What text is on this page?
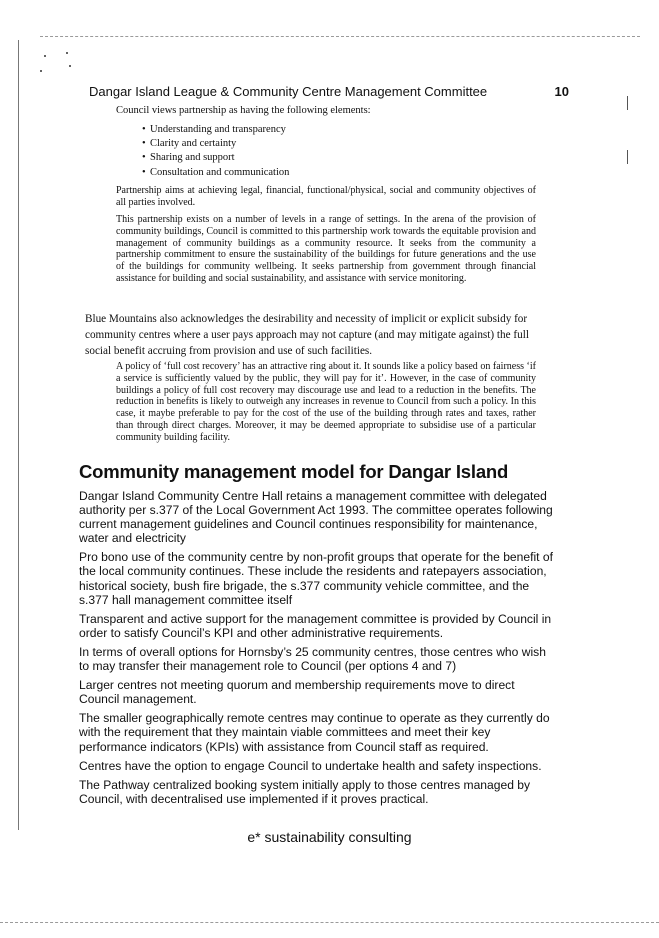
Dangar Island League & Community Centre Management Committee	10
Council views partnership as having the following elements:
• Understanding and transparency
• Clarity and certainty
• Sharing and support
• Consultation and communication
Partnership aims at achieving legal, financial, functional/physical, social and community objectives of all parties involved.
This partnership exists on a number of levels in a range of settings. In the arena of the provision of community buildings, Council is committed to this partnership work towards the equitable provision and management of community buildings as a community resource. It seeks from the community a partnership commitment to ensure the sustainability of the buildings for future generations and the use of the buildings for community wellbeing. It seeks partnership from government through financial assistance for building and social sustainability, and assistance with service monitoring.
Blue Mountains also acknowledges the desirability and necessity of implicit or explicit subsidy for community centres where a user pays approach may not capture (and may mitigate against) the full social benefit accruing from provision and use of such facilities.
A policy of ‘full cost recovery’ has an attractive ring about it. It sounds like a policy based on fairness ‘if a service is sufficiently valued by the public, they will pay for it’. However, in the case of community buildings a policy of full cost recovery may discourage use and lead to a reduction in the benefits. The reduction in benefits is likely to outweigh any increases in revenue to Council from such a policy. In this case, it maybe preferable to pay for the cost of the use of the building through rates and taxes, rather than through direct charges. Moreover, it may be deemed appropriate to subsidise use of a particular community building facility.
Community management model for Dangar Island

Dangar Island Community Centre Hall retains a management committee with delegated authority per s.377 of the Local Government Act 1993. The committee operates following current management guidelines and Council continues responsibility for maintenance, water and electricity

Pro bono use of the community centre by non-profit groups that operate for the benefit of the local community continues. These include the residents and ratepayers association, historical society, bush fire brigade, the s.377 community vehicle committee, and the s.377 hall management committee itself

Transparent and active support for the management committee is provided by Council in order to satisfy Council’s KPI and other administrative requirements.

In terms of overall options for Hornsby’s 25 community centres, those centres who wish to may transfer their management role to Council (per options 4 and 7)

Larger centres not meeting quorum and membership requirements move to direct Council management.

The smaller geographically remote centres may continue to operate as they currently do with the requirement that they maintain viable committees and meet their key performance indicators (KPIs) with assistance from Council staff as required.

Centres have the option to engage Council to undertake health and safety inspections.

The Pathway centralized booking system initially apply to those centres managed by Council, with decentralised use implemented if it proves practical.

e* sustainability consulting
